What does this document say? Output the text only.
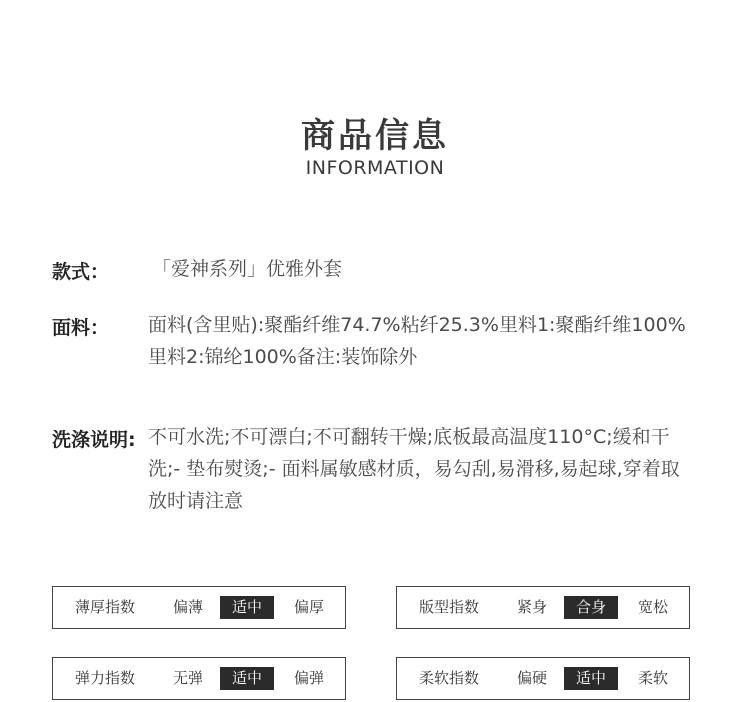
商品信息
INFORMATION
款式： 「爱神系列」优雅外套
面料： 面料(含里贴):聚酯纤维74.7%粘纤25.3%里料1:聚酯纤维100%里料2:锦纶100%备注:装饰除外
洗涤说明: 不可水洗;不可漂白;不可翻转干燥;底板最高温度110°C;缓和干洗;- 垫布熨烫;- 面料属敏感材质，易勾刮,易滑移,易起球,穿着取放时请注意
薄厚指数	偏薄	适中	偏厚	版型指数	紧身	合身	宽松
弹力指数	无弹	适中	偏弹	柔软指数	偏硬	适中	柔软
